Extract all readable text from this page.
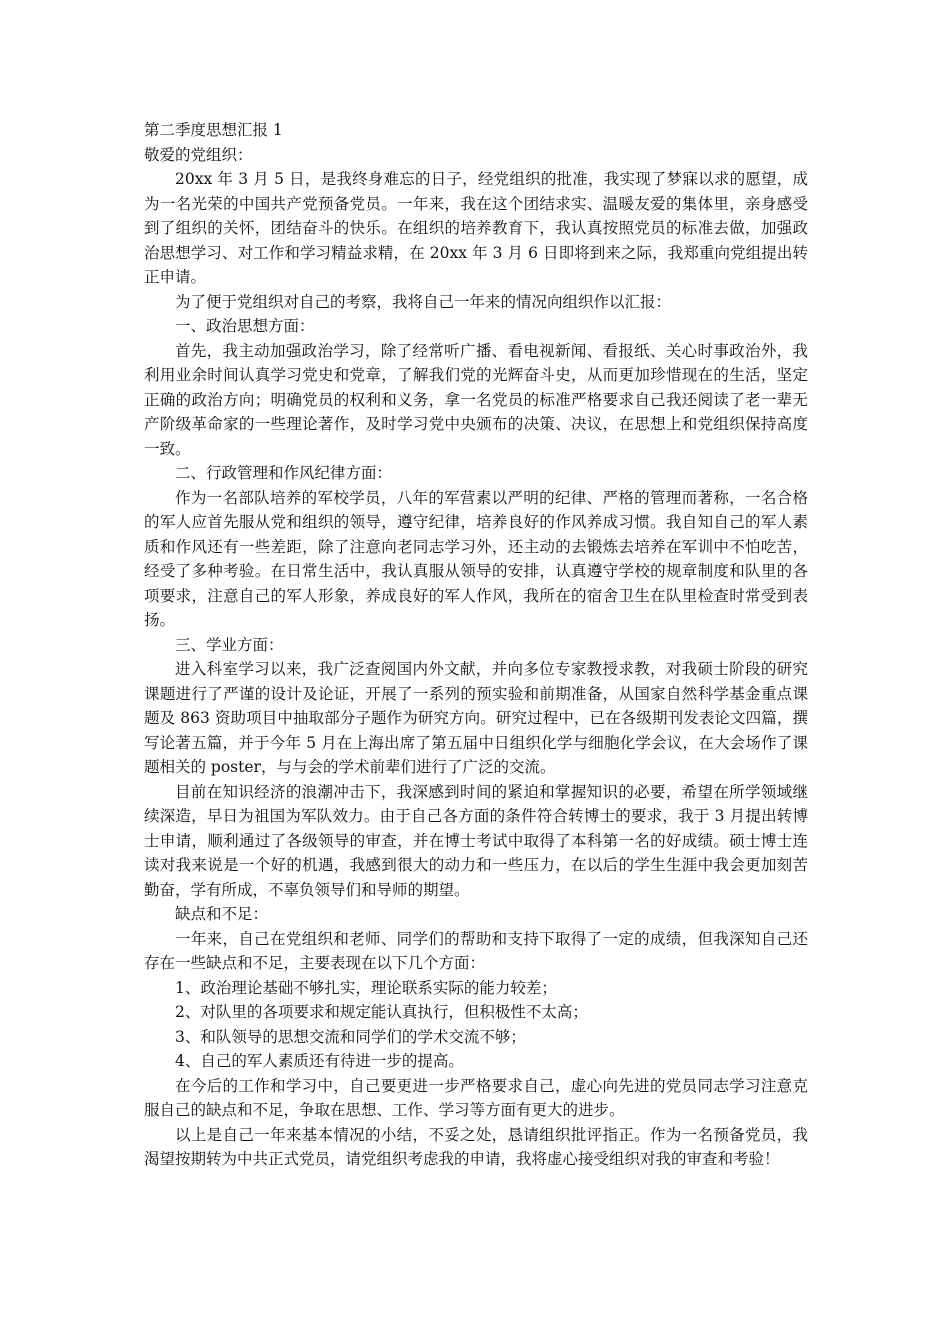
第二季度思想汇报 1

敬爱的党组织：

20xx 年 3 月 5 日，是我终身难忘的日子，经党组织的批准，我实现了梦寐以求的愿望，成为一名光荣的中国共产党预备党员。一年来，我在这个团结求实、温暖友爱的集体里，亲身感受到了组织的关怀，团结奋斗的快乐。在组织的培养教育下，我认真按照党员的标准去做，加强政治思想学习、对工作和学习精益求精，在 20xx 年 3 月 6 日即将到来之际，我郑重向党组提出转正申请。

为了便于党组织对自己的考察，我将自己一年来的情况向组织作以汇报：

一、政治思想方面：

首先，我主动加强政治学习，除了经常听广播、看电视新闻、看报纸、关心时事政治外，我利用业余时间认真学习党史和党章，了解我们党的光辉奋斗史，从而更加珍惜现在的生活，坚定正确的政治方向；明确党员的权利和义务，拿一名党员的标准严格要求自己我还阅读了老一辈无产阶级革命家的一些理论著作，及时学习党中央颁布的决策、决议，在思想上和党组织保持高度一致。

二、行政管理和作风纪律方面：

作为一名部队培养的军校学员，八年的军营素以严明的纪律、严格的管理而著称，一名合格的军人应首先服从党和组织的领导，遵守纪律，培养良好的作风养成习惯。我自知自己的军人素质和作风还有一些差距，除了注意向老同志学习外，还主动的去锻炼去培养在军训中不怕吃苦，经受了多种考验。在日常生活中，我认真服从领导的安排，认真遵守学校的规章制度和队里的各项要求，注意自己的军人形象，养成良好的军人作风，我所在的宿舍卫生在队里检查时常受到表扬。

三、学业方面：

进入科室学习以来，我广泛查阅国内外文献，并向多位专家教授求教，对我硕士阶段的研究课题进行了严谨的设计及论证，开展了一系列的预实验和前期准备，从国家自然科学基金重点课题及 863 资助项目中抽取部分子题作为研究方向。研究过程中，已在各级期刊发表论文四篇，撰写论著五篇，并于今年 5 月在上海出席了第五届中日组织化学与细胞化学会议，在大会场作了课题相关的 poster，与与会的学术前辈们进行了广泛的交流。

目前在知识经济的浪潮冲击下，我深感到时间的紧迫和掌握知识的必要，希望在所学领域继续深造，早日为祖国为军队效力。由于自己各方面的条件符合转博士的要求，我于 3 月提出转博士申请，顺利通过了各级领导的审查，并在博士考试中取得了本科第一名的好成绩。硕士博士连读对我来说是一个好的机遇，我感到很大的动力和一些压力，在以后的学生生涯中我会更加刻苦勤奋，学有所成，不辜负领导们和导师的期望。

缺点和不足：

一年来，自己在党组织和老师、同学们的帮助和支持下取得了一定的成绩，但我深知自己还存在一些缺点和不足，主要表现在以下几个方面：

1、政治理论基础不够扎实，理论联系实际的能力较差；

2、对队里的各项要求和规定能认真执行，但积极性不太高；

3、和队领导的思想交流和同学们的学术交流不够；

4、自己的军人素质还有待进一步的提高。

在今后的工作和学习中，自己要更进一步严格要求自己，虚心向先进的党员同志学习注意克服自己的缺点和不足，争取在思想、工作、学习等方面有更大的进步。

以上是自己一年来基本情况的小结，不妥之处，恳请组织批评指正。作为一名预备党员，我渴望按期转为中共正式党员，请党组织考虑我的申请，我将虚心接受组织对我的审查和考验！
